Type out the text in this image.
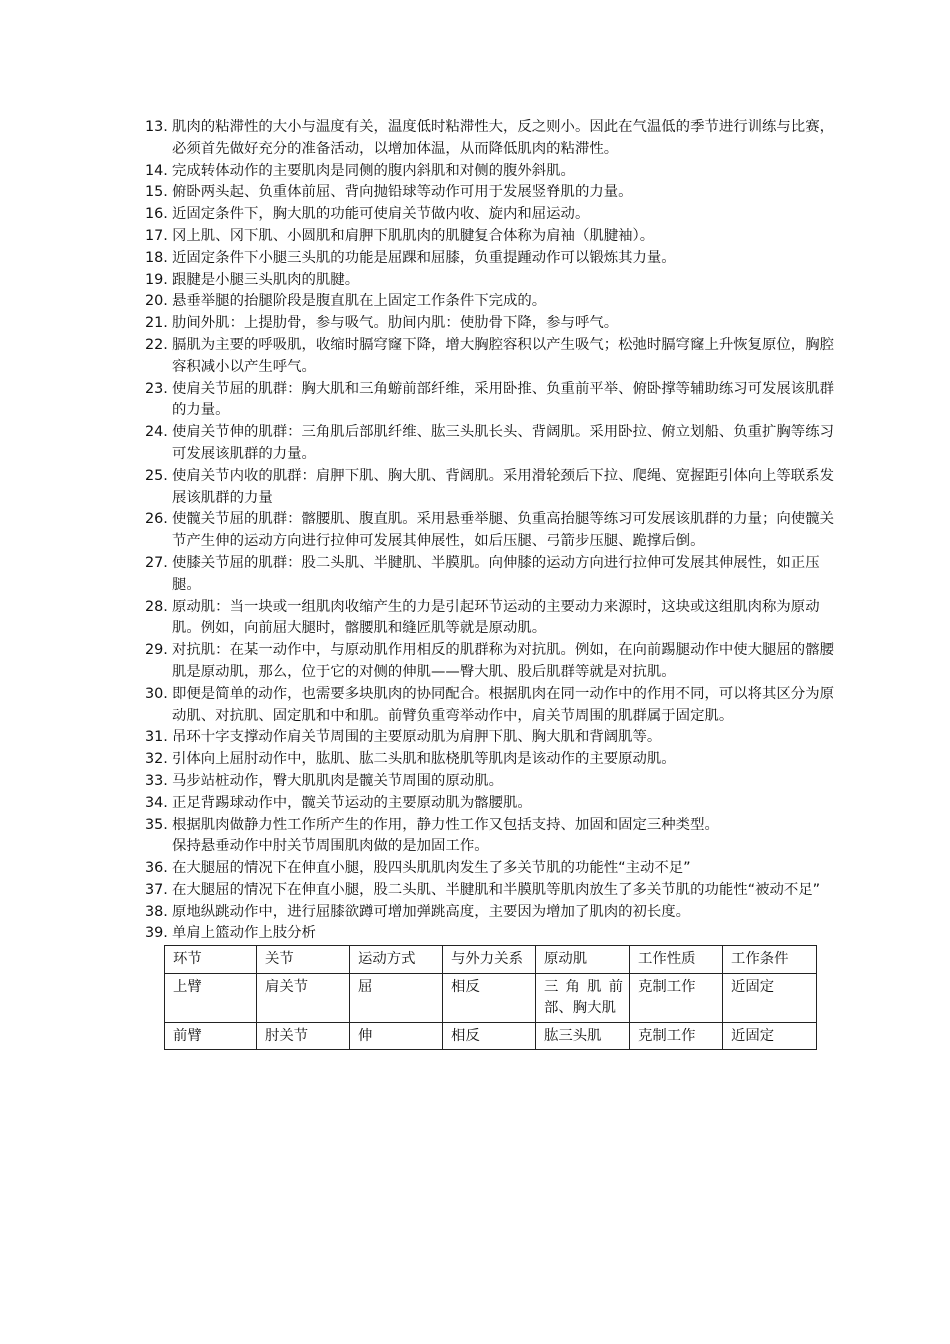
13. 肌肉的粘滞性的大小与温度有关，温度低时粘滞性大，反之则小。因此在气温低的季节进行训练与比赛，必须首先做好充分的准备活动，以增加体温，从而降低肌肉的粘滞性。
14. 完成转体动作的主要肌肉是同侧的腹内斜肌和对侧的腹外斜肌。
15. 俯卧两头起、负重体前屈、背向抛铅球等动作可用于发展竖脊肌的力量。
16. 近固定条件下，胸大肌的功能可使肩关节做内收、旋内和屈运动。
17. 冈上肌、冈下肌、小圆肌和肩胛下肌肌肉的肌腱复合体称为肩袖（肌腱袖）。
18. 近固定条件下小腿三头肌的功能是屈踝和屈膝，负重提踵动作可以锻炼其力量。
19. 跟腱是小腿三头肌肉的肌腱。
20. 悬垂举腿的抬腿阶段是腹直肌在上固定工作条件下完成的。
21. 肋间外肌：上提肋骨，参与吸气。肋间内肌：使肋骨下降，参与呼气。
22. 膈肌为主要的呼吸肌，收缩时膈穹窿下降，增大胸腔容积以产生吸气；松弛时膈穹窿上升恢复原位，胸腔容积减小以产生呼气。
23. 使肩关节屈的肌群：胸大肌和三角蝣前部纤维，采用卧推、负重前平举、俯卧撑等辅助练习可发展该肌群的力量。
24. 使肩关节伸的肌群：三角肌后部肌纤维、肱三头肌长头、背阔肌。采用卧拉、俯立划船、负重扩胸等练习可发展该肌群的力量。
25. 使肩关节内收的肌群：肩胛下肌、胸大肌、背阔肌。采用滑轮颈后下拉、爬绳、宽握距引体向上等联系发展该肌群的力量
26. 使髋关节屈的肌群：髂腰肌、腹直肌。采用悬垂举腿、负重高抬腿等练习可发展该肌群的力量；向使髋关节产生伸的运动方向进行拉伸可发展其伸展性，如后压腿、弓箭步压腿、跪撑后倒。
27. 使膝关节屈的肌群：股二头肌、半腱肌、半膜肌。向伸膝的运动方向进行拉伸可发展其伸展性，如正压腿。
28. 原动肌：当一块或一组肌肉收缩产生的力是引起环节运动的主要动力来源时，这块或这组肌肉称为原动肌。例如，向前屈大腿时，髂腰肌和缝匠肌等就是原动肌。
29. 对抗肌：在某一动作中，与原动肌作用相反的肌群称为对抗肌。例如，在向前踢腿动作中使大腿屈的髂腰肌是原动肌，那么，位于它的对侧的伸肌——臀大肌、股后肌群等就是对抗肌。
30. 即便是简单的动作，也需要多块肌肉的协同配合。根据肌肉在同一动作中的作用不同，可以将其区分为原动肌、对抗肌、固定肌和中和肌。前臂负重弯举动作中，肩关节周围的肌群属于固定肌。
31. 吊环十字支撑动作肩关节周围的主要原动肌为肩胛下肌、胸大肌和背阔肌等。
32. 引体向上屈肘动作中，肱肌、肱二头肌和肱桡肌等肌肉是该动作的主要原动肌。
33. 马步站桩动作，臀大肌肌肉是髋关节周围的原动肌。
34. 正足背踢球动作中，髋关节运动的主要原动肌为髂腰肌。
35. 根据肌肉做静力性工作所产生的作用，静力性工作又包括支持、加固和固定三种类型。
保持悬垂动作中肘关节周围肌肉做的是加固工作。
36. 在大腿屈的情况下在伸直小腿，股四头肌肌肉发生了多关节肌的功能性“主动不足”
37. 在大腿屈的情况下在伸直小腿，股二头肌、半腱肌和半膜肌等肌肉放生了多关节肌的功能性“被动不足”
38. 原地纵跳动作中，进行屈膝欲蹲可增加弹跳高度，主要因为增加了肌肉的初长度。
39. 单肩上篮动作上肢分析
环节	关节	运动方式	与外力关系	原动肌	工作性质	工作条件
上臂	肩关节	屈	相反	三角肌前部、胸大肌	克制工作	近固定
前臂	肘关节	伸	相反	肱三头肌	克制工作	近固定
